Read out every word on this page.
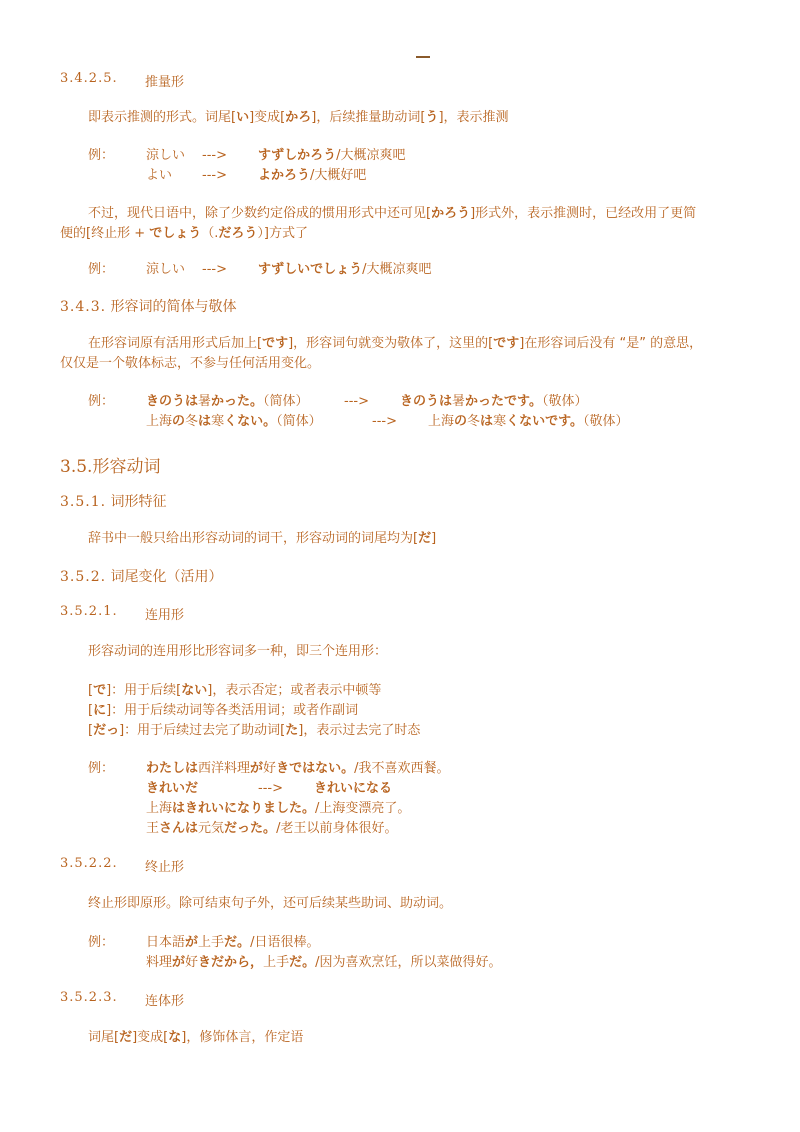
3.4.2.5. 推量形
即表示推测的形式。词尾[い]变成[かろ]，后续推量助动词[う]，表示推测
例： 涼しい ---> すずしかろう/大概凉爽吧
よい ---> よかろう/大概好吧
不过，现代日语中，除了少数约定俗成的惯用形式中还可见[かろう]形式外，表示推测时，已经改用了更简
便的[终止形 + でしょう（.だろう）]方式了
例： 涼しい ---> すずしいでしょう/大概凉爽吧
3.4.3. 形容词的简体与敬体
在形容词原有活用形式后加上[です]，形容词句就变为敬体了，这里的[です]在形容词后没有 “是” 的意思，
仅仅是一个敬体标志，不参与任何活用变化。
例： きのうは暑かった。（简体）	---> きのうは暑かったです。（敬体）
上海の冬は寒くない。（简体）	---> 上海の冬は寒くないです。（敬体）
3.5.形容动词
3.5.1. 词形特征
辞书中一般只给出形容动词的词干，形容动词的词尾均为[だ]
3.5.2. 词尾变化（活用）
3.5.2.1. 连用形
形容动词的连用形比形容词多一种，即三个连用形：
[で]：用于后续[ない]，表示否定；或者表示中顿等
[に]：用于后续动词等各类活用词；或者作副词
[だっ]：用于后续过去完了助动词[た]，表示过去完了时态
例： わたしは西洋料理が好きではない。/我不喜欢西餐。
きれいだ	---> きれいになる
上海はきれいになりました。/上海变漂亮了。
王さんは元気だった。/老王以前身体很好。
3.5.2.2. 终止形
终止形即原形。除可结束句子外，还可后续某些助词、助动词。
例： 日本語が上手だ。/日语很棒。
料理が好きだから，上手だ。/因为喜欢烹饪，所以菜做得好。
3.5.2.3. 连体形
词尾[だ]变成[な]，修饰体言，作定语
